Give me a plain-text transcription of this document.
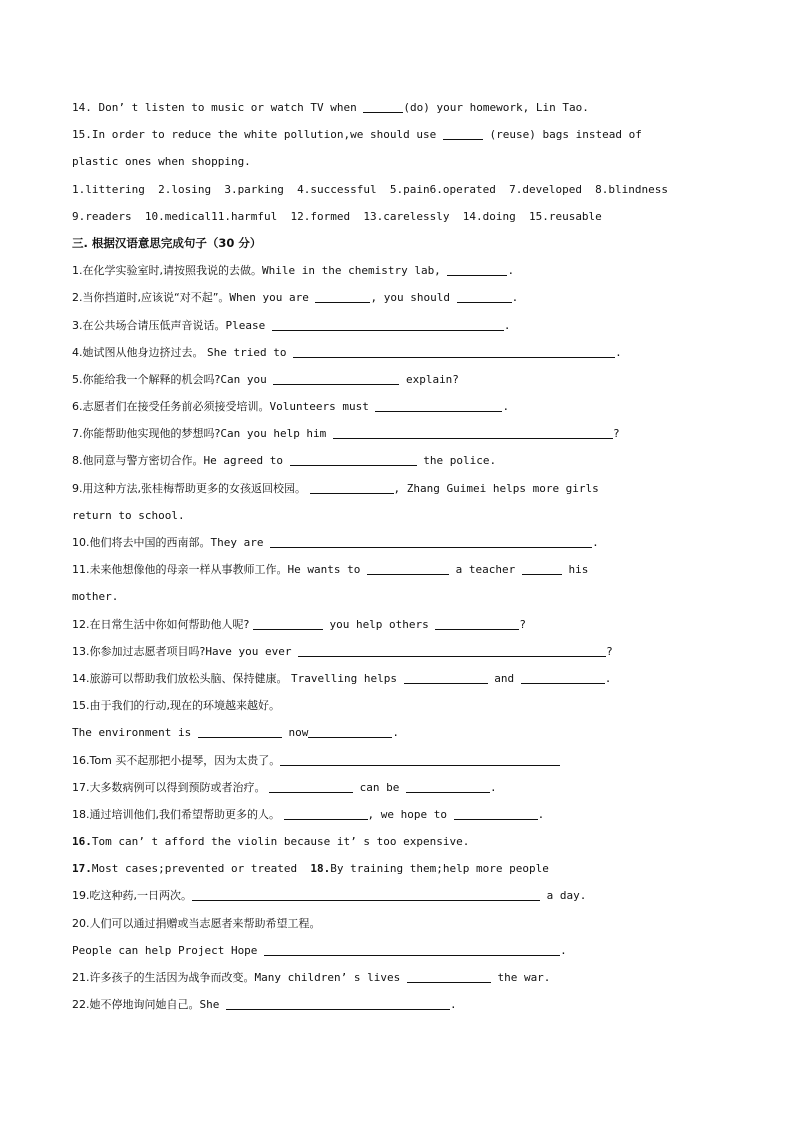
14. Don’ t listen to music or watch TV when	(do) your homework, Lin Tao.
15.In order to reduce the white pollution,we should use	(reuse) bags instead of
plastic ones when shopping.
1.littering  2.losing  3.parking  4.successful  5.pain6.operated  7.developed  8.blindness
9.readers  10.medical11.harmful  12.formed  13.carelessly  14.doing  15.reusable
三. 根据汉语意思完成句子（30 分）
1.在化学实验室时,请按照我说的去做。While in the chemistry lab,	.
2.当你挡道时,应该说“对不起”。When you are	, you should	.
3.在公共场合请压低声音说话。Please	.
4.她试图从他身边挤过去。 She tried to	.
5.你能给我一个解释的机会吗?Can you	explain?
6.志愿者们在接受任务前必须接受培训。Volunteers must	.
7.你能帮助他实现他的梦想吗?Can you help him	?
8.他同意与警方密切合作。He agreed to	the police.
9.用这种方法,张桂梅帮助更多的女孩返回校园。	, Zhang Guimei helps more girls
return to school.
10.他们将去中国的西南部。They are	.
11.未来他想像他的母亲一样从事教师工作。He wants to	a teacher	his
mother.
12.在日常生活中你如何帮助他人呢?	you help others	?
13.你参加过志愿者项目吗?Have you ever	?
14.旅游可以帮助我们放松头脑、保持健康。 Travelling helps	and	.
15.由于我们的行动,现在的环境越来越好。
The environment is	now	.
16.Tom 买不起那把小提琴，因为太贵了。
17.大多数病例可以得到预防或者治疗。	can be	.
18.通过培训他们,我们希望帮助更多的人。	, we hope to	.
16.Tom can’ t afford the violin because it’ s too expensive.
17.Most cases;prevented or treated  18.By training them;help more people
19.吃这种药,一日两次。	a day.
20.人们可以通过捐赠或当志愿者来帮助希望工程。
People can help Project Hope	.
21.许多孩子的生活因为战争而改变。Many children’ s lives	the war.
22.她不停地询问她自己。She	.
